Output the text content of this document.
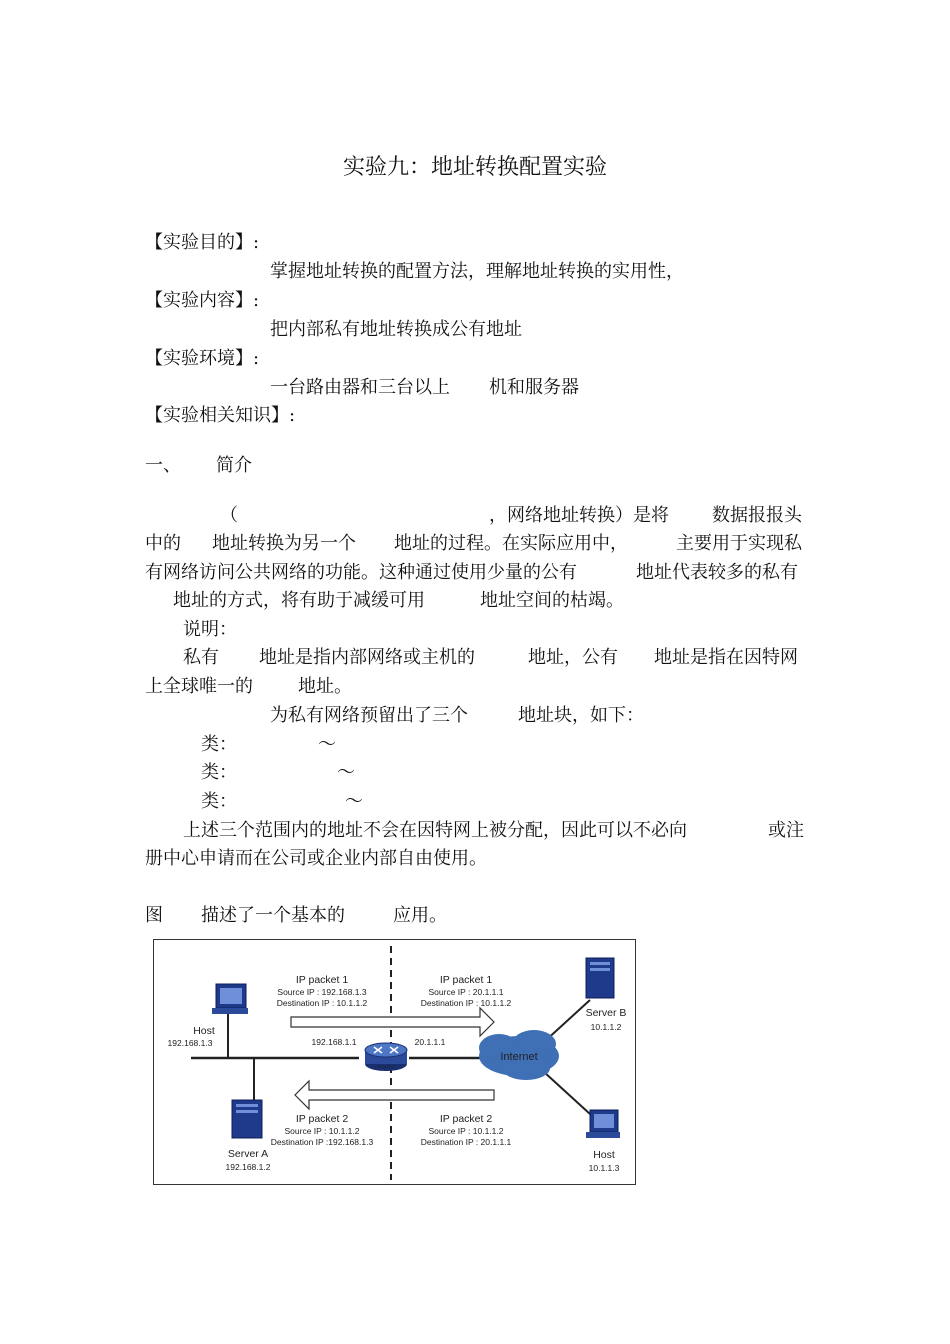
实验九：地址转换配置实验
【实验目的】:
掌握地址转换的配置方法，理解地址转换的实用性，
【实验内容】:
把内部私有地址转换成公有地址
【实验环境】:
一台路由器和三台以上 机和服务器
【实验相关知识】:
一、 简介
（	，网络地址转换）是将 数据报报头
中的 地址转换为另一个 地址的过程。在实际应用中，	主要用于实现私
有网络访问公共网络的功能。这种通过使用少量的公有	地址代表较多的私有
地址的方式，将有助于减缓可用	地址空间的枯竭。
说明：
私有 地址是指内部网络或主机的	地址，公有 地址是指在因特网
上全球唯一的	地址。
为私有网络预留出了三个	地址块，如下：
类：	～
类：	～
类：	～
上述三个范围内的地址不会在因特网上被分配，因此可以不必向	或注
册中心申请而在公司或企业内部自由使用。
图 描述了一个基本的	应用。
ROUTER
Internet
IP packet 1
Source IP : 192.168.1.3
Destination IP : 10.1.1.2
IP packet 1
Source IP : 20.1.1.1
Destination IP : 10.1.1.2
IP packet 2
Source IP : 10.1.1.2
Destination IP :192.168.1.3
IP packet 2
Source IP : 10.1.1.2
Destination IP : 20.1.1.1
192.168.1.1	20.1.1.1
Host
192.168.1.3
Server A
192.168.1.2
Server B
10.1.1.2
Host
10.1.1.3
